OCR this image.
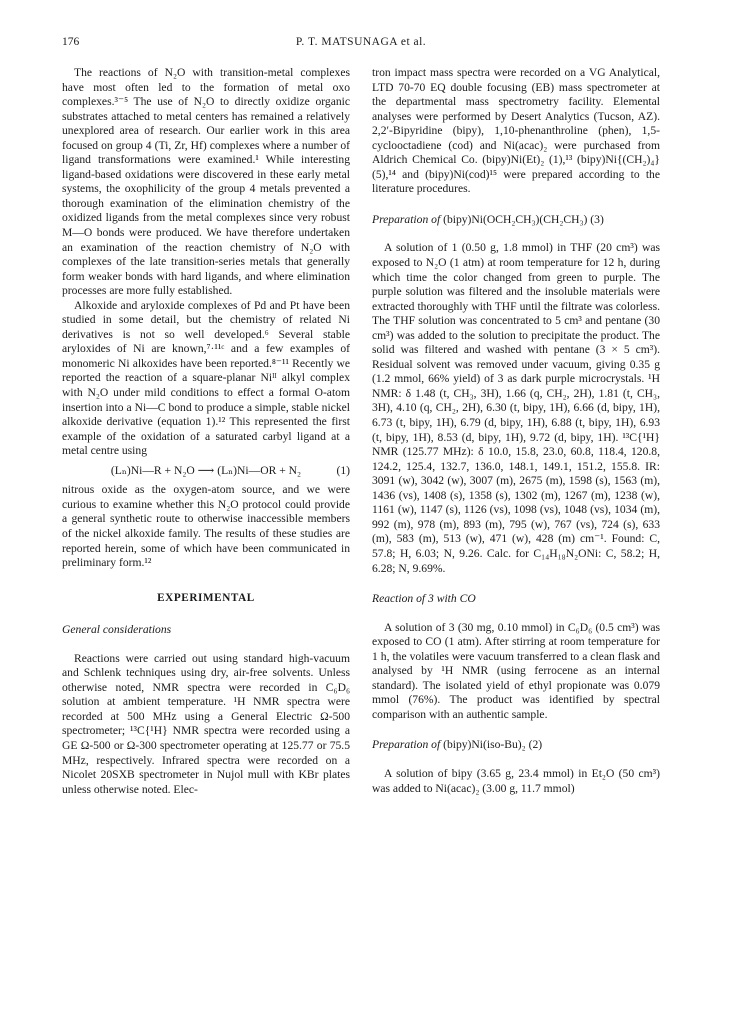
176	P. T. MATSUNAGA et al.

The reactions of N₂O with transition-metal complexes have most often led to the formation of metal oxo complexes.³⁻⁵ The use of N₂O to directly oxidize organic substrates attached to metal centers has remained a relatively unexplored area of research. Our earlier work in this area focused on group 4 (Ti, Zr, Hf) complexes where a number of ligand transformations were examined.¹ While interesting ligand-based oxidations were discovered in these early metal systems, the oxophilicity of the group 4 metals prevented a thorough examination of the elimination chemistry of the oxidized ligands from the metal complexes since very robust M—O bonds were produced. We have therefore undertaken an examination of the reaction chemistry of N₂O with complexes of the late transition-series metals that generally form weaker bonds with hard ligands, and where elimination processes are more fully established.

Alkoxide and aryloxide complexes of Pd and Pt have been studied in some detail, but the chemistry of related Ni derivatives is not so well developed.⁶ Several stable aryloxides of Ni are known,⁷·¹¹ᶜ and a few examples of monomeric Ni alkoxides have been reported.⁸⁻¹¹ Recently we reported the reaction of a square-planar Niᴵᴵ alkyl complex with N₂O under mild conditions to effect a formal O-atom insertion into a Ni—C bond to produce a simple, stable nickel alkoxide derivative (equation 1).¹² This represented the first example of the oxidation of a saturated carbyl ligand at a metal centre using

(Lₙ)Ni—R + N₂O ⟶ (Lₙ)Ni—OR + N₂	(1)

nitrous oxide as the oxygen-atom source, and we were curious to examine whether this N₂O protocol could provide a general synthetic route to otherwise inaccessible members of the nickel alkoxide family. The results of these studies are reported herein, some of which have been communicated in preliminary form.¹²

EXPERIMENTAL
General considerations

Reactions were carried out using standard high-vacuum and Schlenk techniques using dry, air-free solvents. Unless otherwise noted, NMR spectra were recorded in C₆D₆ solution at ambient temperature. ¹H NMR spectra were recorded at 500 MHz using a General Electric Ω-500 spectrometer; ¹³C{¹H} NMR spectra were recorded using a GE Ω-500 or Ω-300 spectrometer operating at 125.77 or 75.5 MHz, respectively. Infrared spectra were recorded on a Nicolet 20SXB spectrometer in Nujol mull with KBr plates unless otherwise noted. Elec-

tron impact mass spectra were recorded on a VG Analytical, LTD 70-70 EQ double focusing (EB) mass spectrometer at the departmental mass spectrometry facility. Elemental analyses were performed by Desert Analytics (Tucson, AZ). 2,2′-Bipyridine (bipy), 1,10-phenanthroline (phen), 1,5-cyclooctadiene (cod) and Ni(acac)₂ were purchased from Aldrich Chemical Co. (bipy)Ni(Et)₂ (1),¹³ (bipy)Ni{(CH₂)₄} (5),¹⁴ and (bipy)Ni(cod)¹⁵ were prepared according to the literature procedures.

Preparation of (bipy)Ni(OCH₂CH₃)(CH₂CH₃) (3)

A solution of 1 (0.50 g, 1.8 mmol) in THF (20 cm³) was exposed to N₂O (1 atm) at room temperature for 12 h, during which time the color changed from green to purple. The purple solution was filtered and the insoluble materials were extracted thoroughly with THF until the filtrate was colorless. The THF solution was concentrated to 5 cm³ and pentane (30 cm³) was added to the solution to precipitate the product. The solid was filtered and washed with pentane (3 × 5 cm³). Residual solvent was removed under vacuum, giving 0.35 g (1.2 mmol, 66% yield) of 3 as dark purple microcrystals. ¹H NMR: δ 1.48 (t, CH₃, 3H), 1.66 (q, CH₂, 2H), 1.81 (t, CH₃, 3H), 4.10 (q, CH₂, 2H), 6.30 (t, bipy, 1H), 6.66 (d, bipy, 1H), 6.73 (t, bipy, 1H), 6.79 (d, bipy, 1H), 6.88 (t, bipy, 1H), 6.93 (t, bipy, 1H), 8.53 (d, bipy, 1H), 9.72 (d, bipy, 1H). ¹³C{¹H} NMR (125.77 MHz): δ 10.0, 15.8, 23.0, 60.8, 118.4, 120.8, 124.2, 125.4, 132.7, 136.0, 148.1, 149.1, 151.2, 155.8. IR: 3091 (w), 3042 (w), 3007 (m), 2675 (m), 1598 (s), 1563 (m), 1436 (vs), 1408 (s), 1358 (s), 1302 (m), 1267 (m), 1238 (w), 1161 (w), 1147 (s), 1126 (vs), 1098 (vs), 1048 (vs), 1034 (m), 992 (m), 978 (m), 893 (m), 795 (w), 767 (vs), 724 (s), 633 (m), 583 (m), 513 (w), 471 (w), 428 (m) cm⁻¹. Found: C, 57.8; H, 6.03; N, 9.26. Calc. for C₁₄H₁₈N₂ONi: C, 58.2; H, 6.28; N, 9.69%.

Reaction of 3 with CO

A solution of 3 (30 mg, 0.10 mmol) in C₆D₆ (0.5 cm³) was exposed to CO (1 atm). After stirring at room temperature for 1 h, the volatiles were vacuum transferred to a clean flask and analysed by ¹H NMR (using ferrocene as an internal standard). The isolated yield of ethyl propionate was 0.079 mmol (76%). The product was identified by spectral comparison with an authentic sample.

Preparation of (bipy)Ni(iso-Bu)₂ (2)

A solution of bipy (3.65 g, 23.4 mmol) in Et₂O (50 cm³) was added to Ni(acac)₂ (3.00 g, 11.7 mmol)
